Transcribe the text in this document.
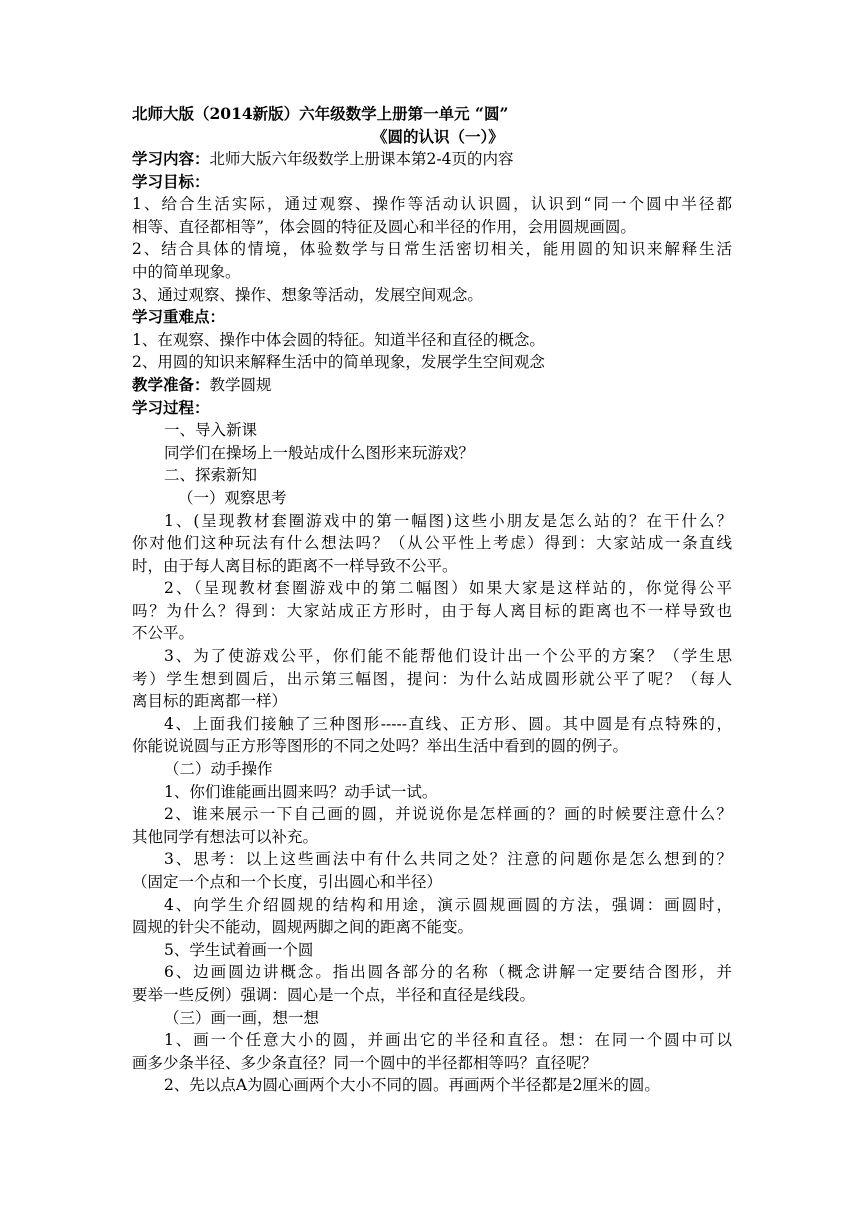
北师大版（2014新版）六年级数学上册第一单元 “圆”
《圆的认识（一）》
学习内容：北师大版六年级数学上册课本第2-4页的内容
学习目标：
1、给合生活实际，通过观察、操作等活动认识圆，认识到“同一个圆中半径都
相等、直径都相等”，体会圆的特征及圆心和半径的作用，会用圆规画圆。
2、结合具体的情境，体验数学与日常生活密切相关，能用圆的知识来解释生活
中的简单现象。
3、通过观察、操作、想象等活动，发展空间观念。
学习重难点：
1、在观察、操作中体会圆的特征。知道半径和直径的概念。
2、用圆的知识来解释生活中的简单现象，发展学生空间观念
教学准备：教学圆规
学习过程：
一、导入新课
同学们在操场上一般站成什么图形来玩游戏？
二、探索新知
（一）观察思考
1、(呈现教材套圈游戏中的第一幅图)这些小朋友是怎么站的？在干什么？
你对他们这种玩法有什么想法吗？（从公平性上考虑）得到：大家站成一条直线
时，由于每人离目标的距离不一样导致不公平。
2、（呈现教材套圈游戏中的第二幅图）如果大家是这样站的，你觉得公平
吗？为什么？得到：大家站成正方形时，由于每人离目标的距离也不一样导致也
不公平。
3、为了使游戏公平，你们能不能帮他们设计出一个公平的方案？（学生思
考）学生想到圆后，出示第三幅图，提问：为什么站成圆形就公平了呢？（每人
离目标的距离都一样）
4、上面我们接触了三种图形-----直线、正方形、圆。其中圆是有点特殊的，
你能说说圆与正方形等图形的不同之处吗？举出生活中看到的圆的例子。
（二）动手操作
1、你们谁能画出圆来吗？动手试一试。
2、谁来展示一下自己画的圆，并说说你是怎样画的？画的时候要注意什么？
其他同学有想法可以补充。
3、思考：以上这些画法中有什么共同之处？注意的问题你是怎么想到的？
（固定一个点和一个长度，引出圆心和半径）
4、向学生介绍圆规的结构和用途，演示圆规画圆的方法，强调：画圆时，
圆规的针尖不能动，圆规两脚之间的距离不能变。
5、学生试着画一个圆
6、边画圆边讲概念。指出圆各部分的名称（概念讲解一定要结合图形，并
要举一些反例）强调：圆心是一个点，半径和直径是线段。
（三）画一画，想一想
1、画一个任意大小的圆，并画出它的半径和直径。想：在同一个圆中可以
画多少条半径、多少条直径？同一个圆中的半径都相等吗？直径呢？
2、先以点A为圆心画两个大小不同的圆。再画两个半径都是2厘米的圆。
